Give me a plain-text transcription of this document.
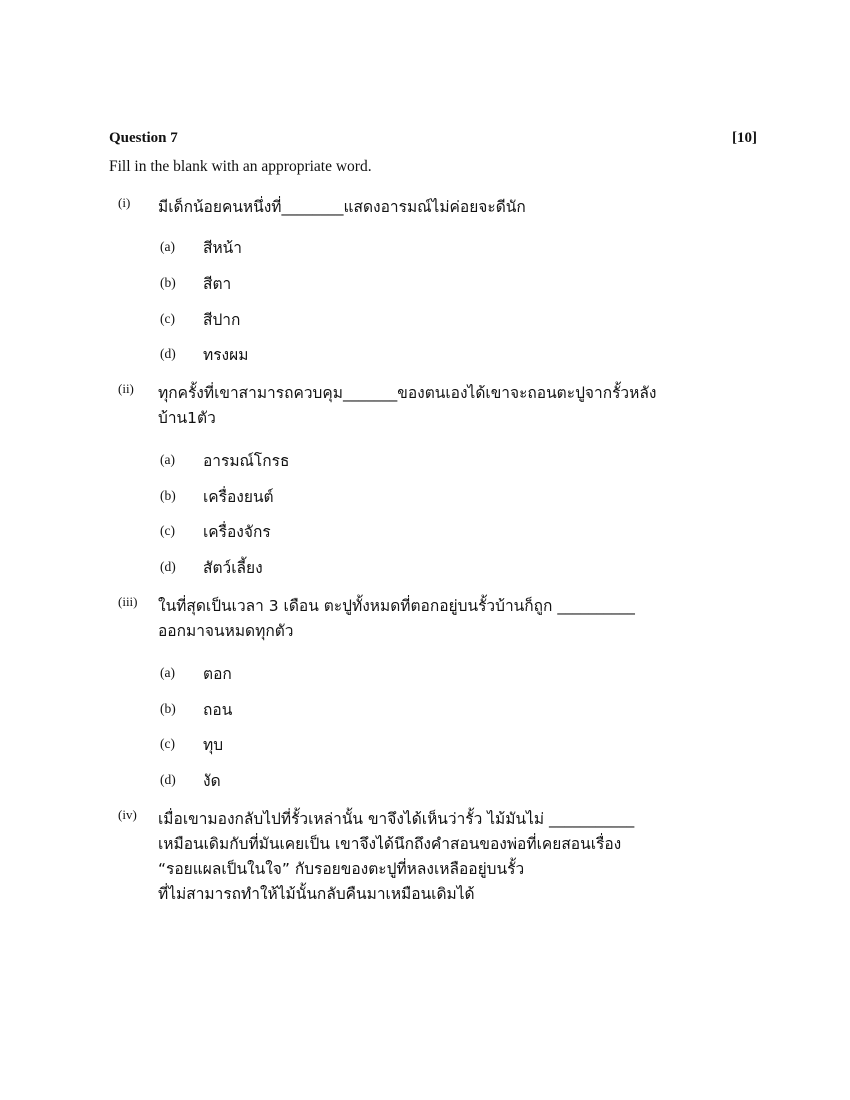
Question 7	[10]
Fill in the blank with an appropriate word.
(i) มีเด็กน้อยคนหนึ่งที่________แสดงอารมณ์ไม่ค่อยจะดีนัก
(a) สีหน้า
(b) สีตา
(c) สีปาก
(d) ทรงผม
(ii) ทุกครั้งที่เขาสามารถควบคุม_______ของตนเองได้เขาจะถอนตะปูจากรั้วหลัง
บ้าน1ตัว
(a) อารมณ์โกรธ
(b) เครื่องยนต์
(c) เครื่องจักร
(d) สัตว์เลี้ยง
(iii) ในที่สุดเป็นเวลา 3 เดือน ตะปูทั้งหมดที่ตอกอยู่บนรั้วบ้านก็ถูก __________
ออกมาจนหมดทุกตัว
(a) ตอก
(b) ถอน
(c) ทุบ
(d) งัด
(iv) เมื่อเขามองกลับไปที่รั้วเหล่านั้น ขาจึงได้เห็นว่ารั้ว ไม้มันไม่ ___________
เหมือนเดิมกับที่มันเคยเป็น เขาจึงได้นึกถึงคำสอนของพ่อที่เคยสอนเรื่อง
“รอยแผลเป็นในใจ” กับรอยของตะปูที่หลงเหลืออยู่บนรั้ว
ที่ไม่สามารถทำให้ไม้นั้นกลับคืนมาเหมือนเดิมได้
